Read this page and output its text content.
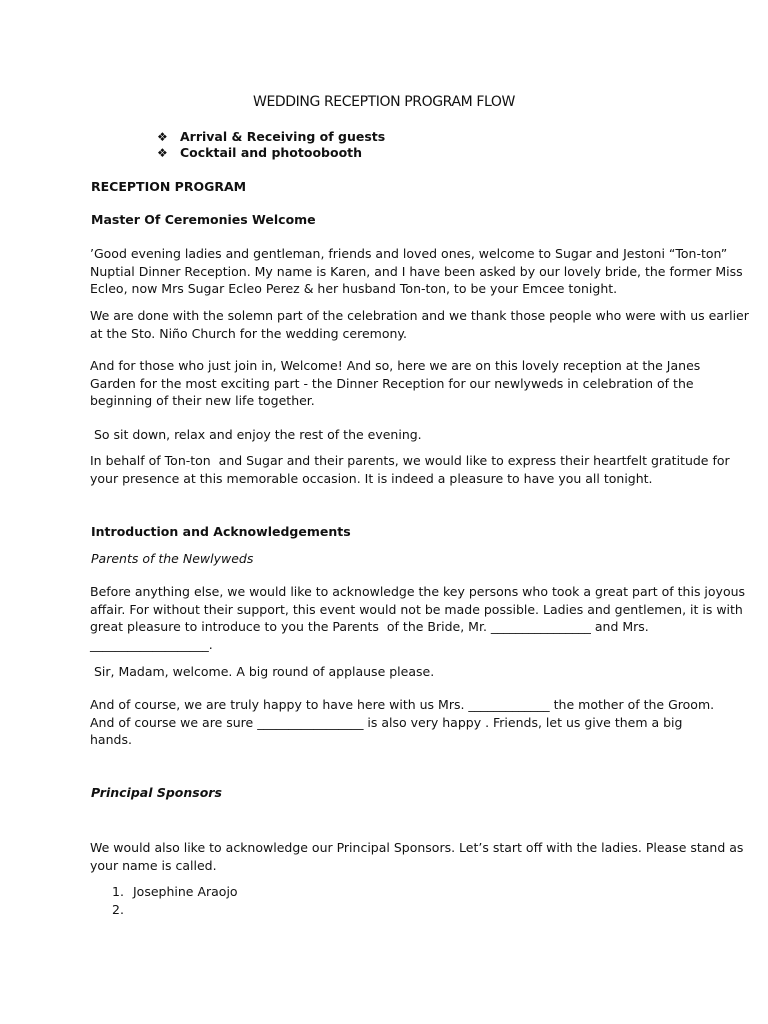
WEDDING RECEPTION PROGRAM FLOW
❖ Arrival & Receiving of guests
❖ Cocktail and photoobooth
RECEPTION PROGRAM
Master Of Ceremonies Welcome

’Good evening ladies and gentleman, friends and loved ones, welcome to Sugar and Jestoni “Ton-ton”
Nuptial Dinner Reception. My name is Karen, and I have been asked by our lovely bride, the former Miss
Ecleo, now Mrs Sugar Ecleo Perez & her husband Ton-ton, to be your Emcee tonight.

We are done with the solemn part of the celebration and we thank those people who were with us earlier
at the Sto. Niño Church for the wedding ceremony.

And for those who just join in, Welcome! And so, here we are on this lovely reception at the Janes
Garden for the most exciting part - the Dinner Reception for our newlyweds in celebration of the
beginning of their new life together.

So sit down, relax and enjoy the rest of the evening.

In behalf of Ton-ton  and Sugar and their parents, we would like to express their heartfelt gratitude for
your presence at this memorable occasion. It is indeed a pleasure to have you all tonight.

Introduction and Acknowledgements

Parents of the Newlyweds

Before anything else, we would like to acknowledge the key persons who took a great part of this joyous
affair. For without their support, this event would not be made possible. Ladies and gentlemen, it is with
great pleasure to introduce to you the Parents  of the Bride, Mr. ________________ and Mrs.
___________________.

Sir, Madam, welcome. A big round of applause please.

And of course, we are truly happy to have here with us Mrs. _____________ the mother of the Groom.
And of course we are sure _________________ is also very happy . Friends, let us give them a big
hands.

Principal Sponsors

We would also like to acknowledge our Principal Sponsors. Let’s start off with the ladies. Please stand as
your name is called.

1. Josephine Araojo
2.
